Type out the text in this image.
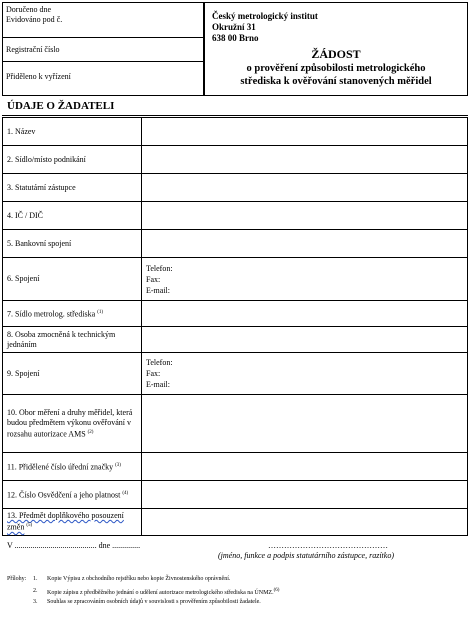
Doručeno dne
Evidováno pod č.
Registrační číslo
Přiděleno k vyřízení
Český metrologický institut
Okružní 31
638 00 Brno
ŽÁDOST
o prověření způsobilosti metrologického
střediska k ověřování stanovených měřidel
ÚDAJE O ŽADATELI
1. Název	
2. Sídlo/místo podnikání	
3. Statutární zástupce	
4. IČ / DIČ	
5. Bankovní spojení	
6. Spojení	Telefon:
Fax:
E-mail:

7. Sídlo metrolog. střediska $^{(1)}$	
8. Osoba zmocněná k technickým jednáním	
9. Spojení	Telefon:
Fax:
E-mail:

10. Obor měření a druhy měřidel, která budou předmětem výkonu ověřování v rozsahu autorizace AMS $^{(2)}$	
11. Přidělené číslo úřední značky $^{(3)}$	
12. Číslo Osvědčení a jeho platnost $^{(4)}$	
13. Předmět doplňkového posouzení změn $^{(5)}$	
V ......................................... dne ..............	………………………………………
(jméno, funkce a podpis statutárního zástupce, razítko)
Přílohy: 1. Kopie Výpisu z obchodního rejstříku nebo kopie Živnostenského oprávnění.
2. Kopie zápisu z předběžného jednání o udělení autorizace metrologického střediska na ÚNMZ.$^{(6)}$
3. Souhlas se zpracováním osobních údajů v souvislosti s prověřením způsobilosti žadatele.
